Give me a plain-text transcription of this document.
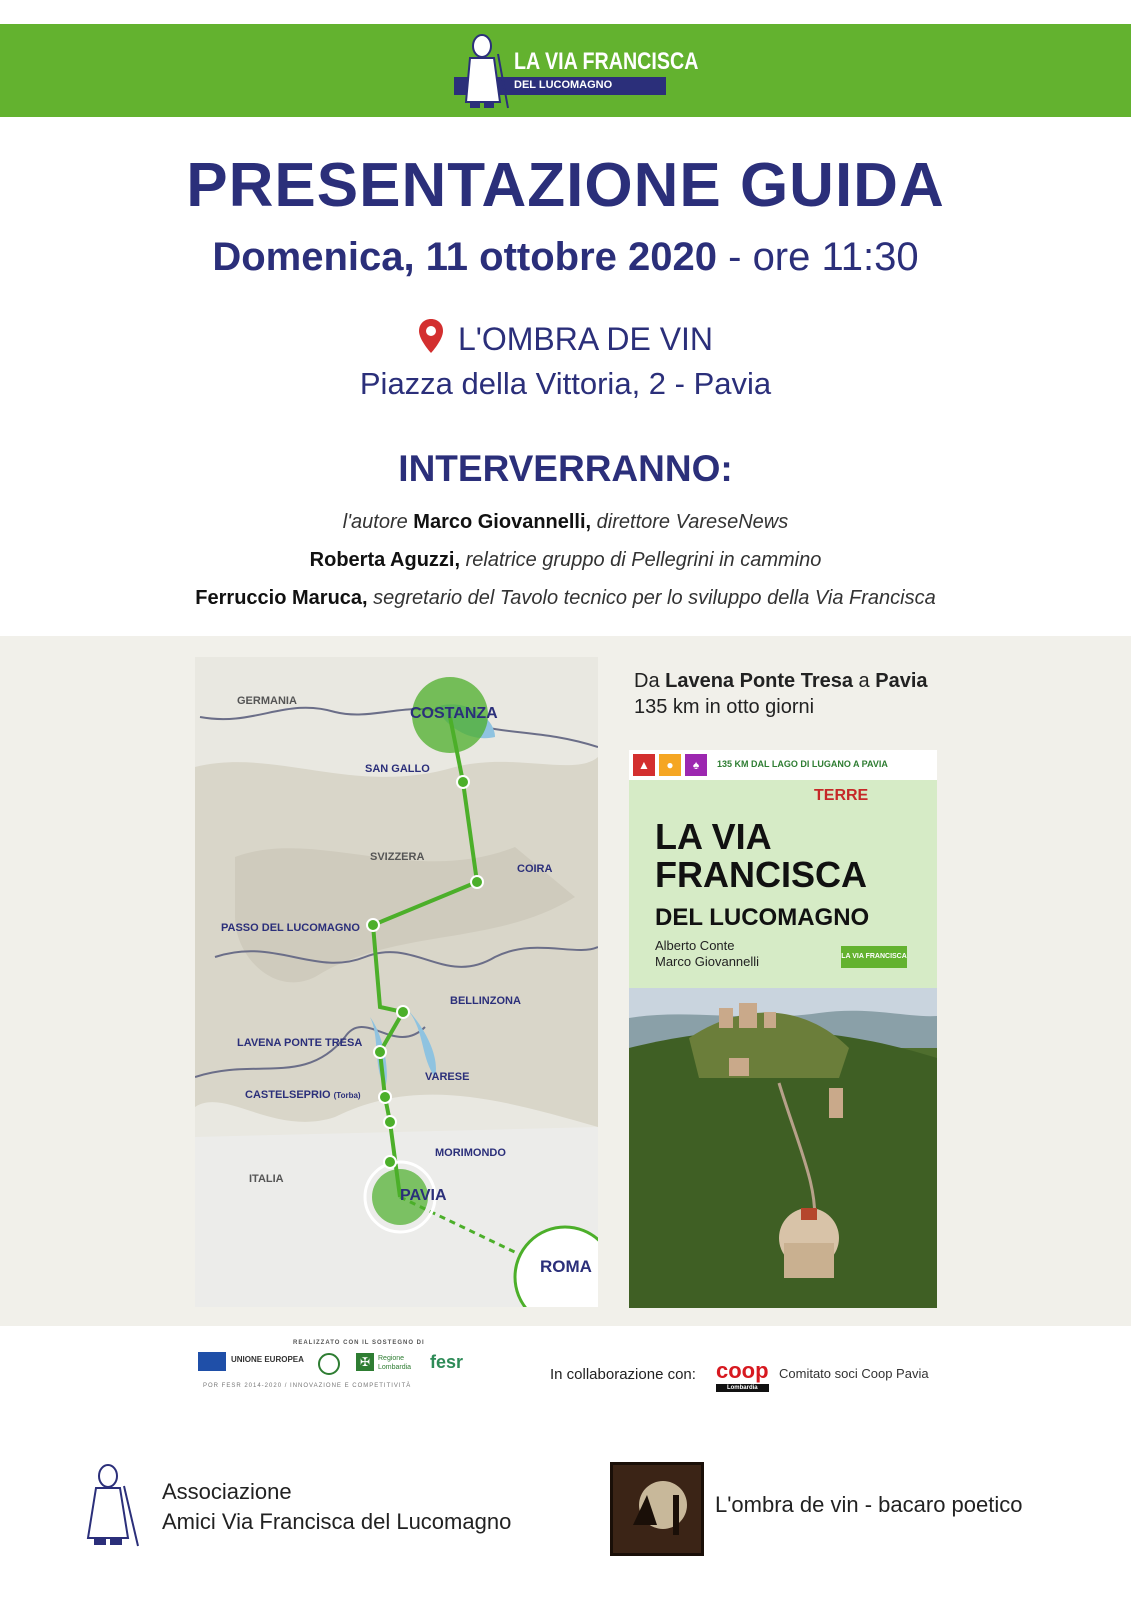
LA VIA FRANCISCA
DEL LUCOMAGNO
PRESENTAZIONE GUIDA
Domenica, 11 ottobre 2020 - ore 11:30
L'OMBRA DE VIN
Piazza della Vittoria, 2 - Pavia
INTERVERRANNO:
l'autore Marco Giovannelli, direttore VareseNews
Roberta Aguzzi, relatrice gruppo di Pellegrini in cammino
Ferruccio Maruca, segretario del Tavolo tecnico per lo sviluppo della Via Francisca
GERMANIA
SVIZZERA
ITALIA
COSTANZA
SAN GALLO
COIRA
PASSO DEL LUCOMAGNO
BELLINZONA
LAVENA PONTE TRESA
VARESE
CASTELSEPRIO (Torba)
MORIMONDO
PAVIA
ROMA
Da Lavena Ponte Tresa a Pavia
135 km in otto giorni
▲	●	♠	135 KM DAL LAGO DI LUGANO A PAVIA
TERRE
LA VIA
FRANCISCA
DEL LUCOMAGNO
Alberto Conte
Marco Giovannelli	LA VIA FRANCISCA
REALIZZATO CON IL SOSTEGNO DI
UNIONE EUROPEA	✠	Regione
Lombardia fesr
POR FESR 2014-2020 / INNOVAZIONE E COMPETITIVITÀ
In collaborazione con: coop
Lombardia
Comitato soci Coop Pavia
Associazione
Amici Via Francisca del Lucomagno
L'ombra de vin - bacaro poetico
